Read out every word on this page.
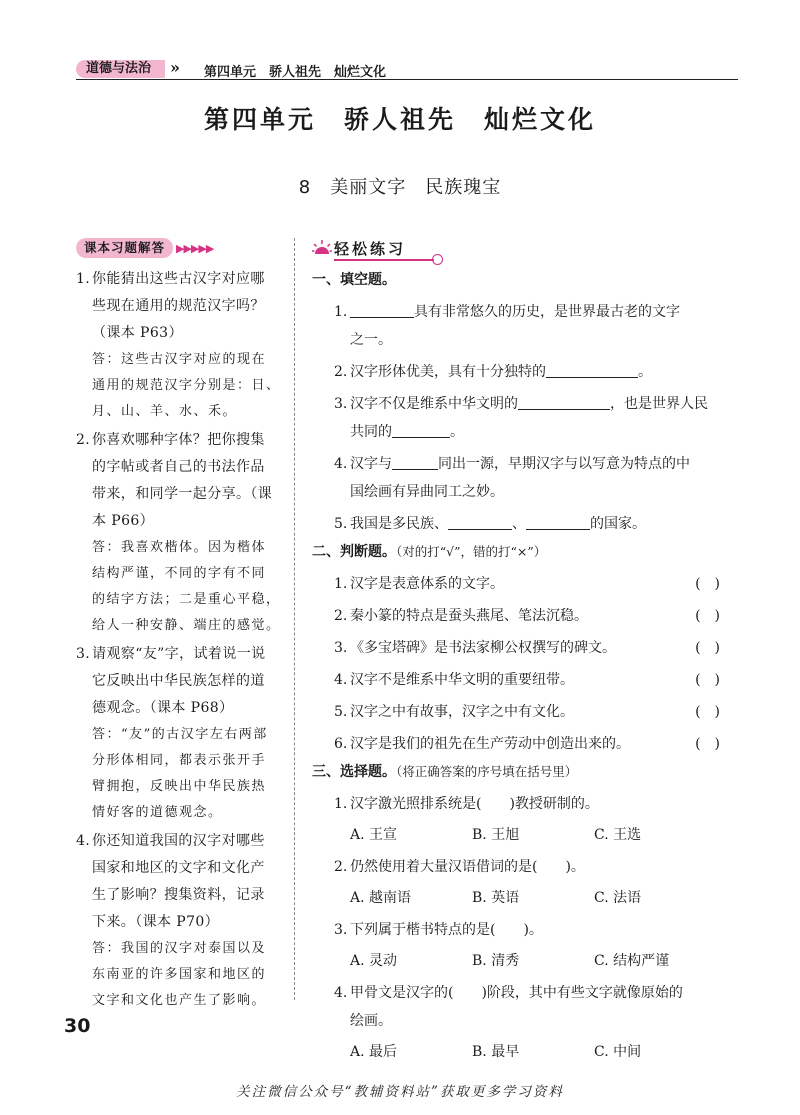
道德与法治	» 第四单元　骄人祖先　灿烂文化
第四单元　骄人祖先　灿烂文化
8　美丽文字　民族瑰宝
课本习题解答 ▶▶▶▶▶
1. 你能猜出这些古汉字对应哪
些现在通用的规范汉字吗？
（课本 P63）
答：这些古汉字对应的现在
通用的规范汉字分别是：日、
月、山、羊、水、禾。
2. 你喜欢哪种字体？把你搜集
的字帖或者自己的书法作品
带来，和同学一起分享。（课
本 P66）
答：我喜欢楷体。因为楷体
结构严谨，不同的字有不同
的结字方法；二是重心平稳，
给人一种安静、端庄的感觉。
3. 请观察“友”字，试着说一说
它反映出中华民族怎样的道
德观念。（课本 P68）
答：“友”的古汉字左右两部
分形体相同，都表示张开手
臂拥抱，反映出中华民族热
情好客的道德观念。
4. 你还知道我国的汉字对哪些
国家和地区的文字和文化产
生了影响？搜集资料，记录
下来。（课本 P70）
答：我国的汉字对泰国以及
东南亚的许多国家和地区的
文字和文化也产生了影响。
轻松练习
一、填空题。
1.	具有非常悠久的历史，是世界最古老的文字
之一。
2. 汉字形体优美，具有十分独特的	。
3. 汉字不仅是维系中华文明的	，也是世界人民
共同的	。
4. 汉字与	同出一源，早期汉字与以写意为特点的中
国绘画有异曲同工之妙。
5. 我国是多民族、	、	的国家。
二、判断题。（对的打“√”，错的打“×”）
1. 汉字是表意体系的文字。	(　)
2. 秦小篆的特点是蚕头燕尾、笔法沉稳。	(　)
3. 《多宝塔碑》是书法家柳公权撰写的碑文。	(　)
4. 汉字不是维系中华文明的重要纽带。	(　)
5. 汉字之中有故事，汉字之中有文化。	(　)
6. 汉字是我们的祖先在生产劳动中创造出来的。	(　)
三、选择题。（将正确答案的序号填在括号里）
1. 汉字激光照排系统是(　　)教授研制的。
A. 王宣	B. 王旭	C. 王选
2. 仍然使用着大量汉语借词的是(　　)。
A. 越南语	B. 英语	C. 法语
3. 下列属于楷书特点的是(　　)。
A. 灵动	B. 清秀	C. 结构严谨
4. 甲骨文是汉字的(　　)阶段，其中有些文字就像原始的
绘画。
A. 最后	B. 最早	C. 中间
30
关注微信公众号“教辅资料站”获取更多学习资料
